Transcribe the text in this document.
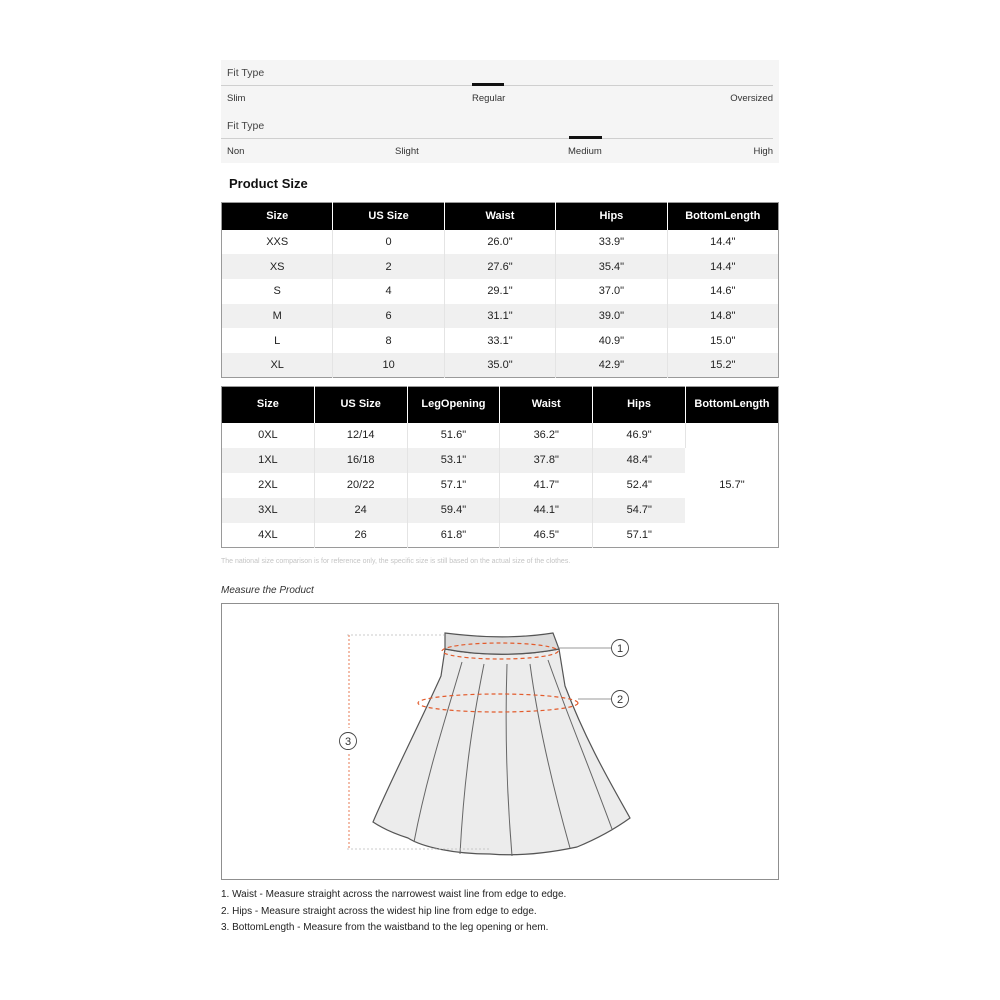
Fit Type
Slim	Regular	Oversized
Fit Type
Non	Slight	Medium	High
Product Size
Size	US Size	Waist	Hips	BottomLength
XXS	0	26.0"	33.9"	14.4"
XS	2	27.6"	35.4"	14.4"
S	4	29.1"	37.0"	14.6"
M	6	31.1"	39.0"	14.8"
L	8	33.1"	40.9"	15.0"
XL	10	35.0"	42.9"	15.2"
Size	US Size	LegOpening	Waist	Hips	BottomLength
0XL	12/14	51.6"	36.2"	46.9"	15.7"
1XL	16/18	53.1"	37.8"	48.4"	
2XL	20/22	57.1"	41.7"	52.4"	
3XL	24	59.4"	44.1"	54.7"	
4XL	26	61.8"	46.5"	57.1"	
The national size comparison is for reference only, the specific size is still based on the actual size of the clothes.
Measure the Product
1
2
3
1. Waist - Measure straight across the narrowest waist line from edge to edge.
2. Hips - Measure straight across the widest hip line from edge to edge.
3. BottomLength - Measure from the waistband to the leg opening or hem.
